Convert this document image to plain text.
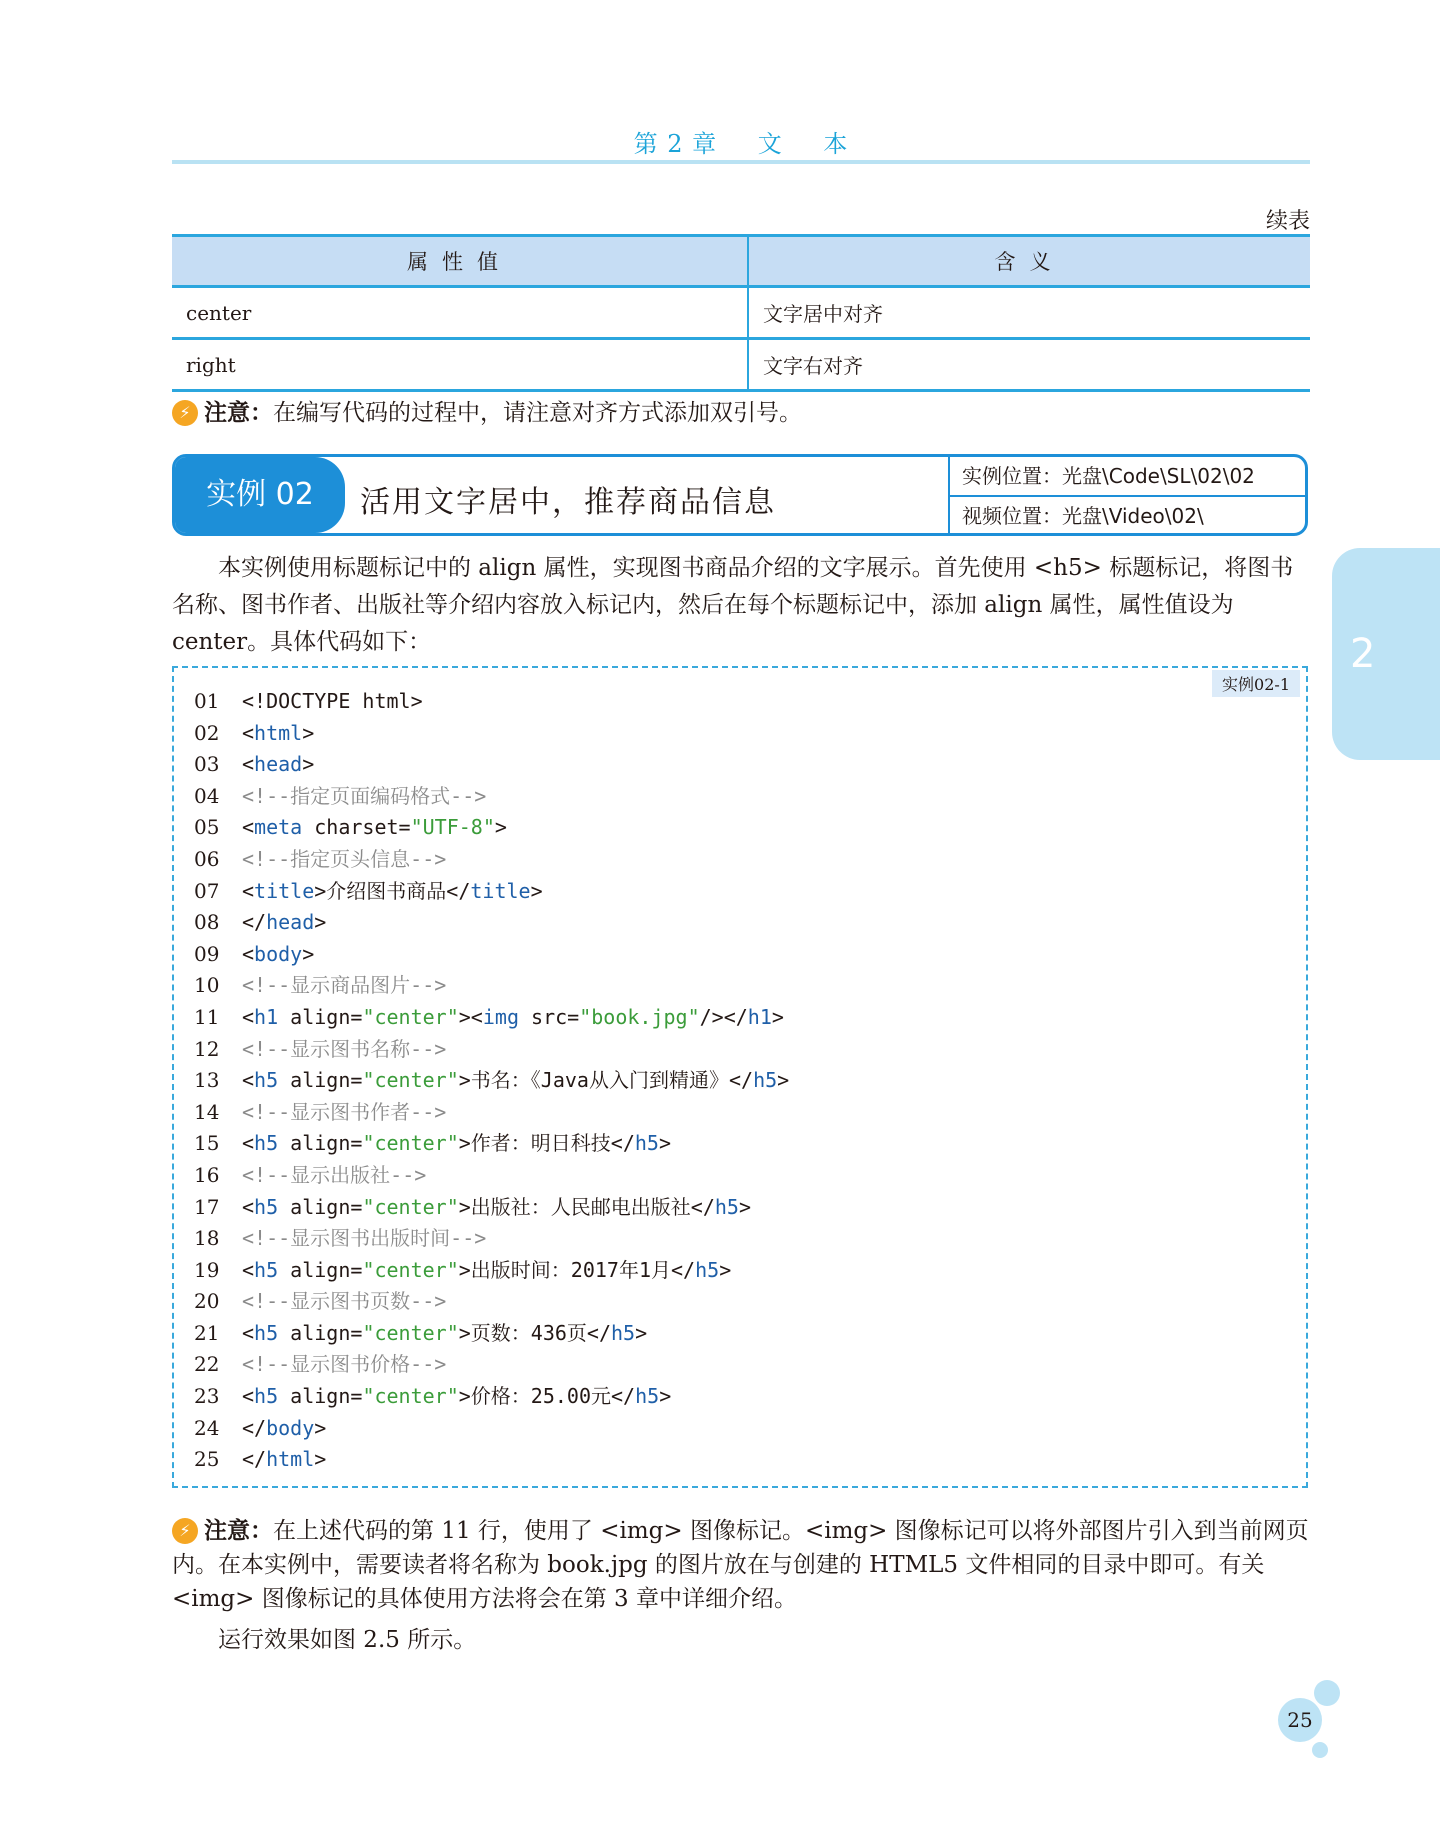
第 2 章 文 本
续表
属性值	含义
center	文字居中对齐
right	文字右对齐
⚡ 注意：在编写代码的过程中，请注意对齐方式添加双引号。
实例 02	活用文字居中，推荐商品信息
实例位置：光盘\Code\SL\02\02
视频位置：光盘\Video\02\
本实例使用标题标记中的 align 属性，实现图书商品介绍的文字展示。首先使用 <h5> 标题标记，将图书名称、图书作者、出版社等介绍内容放入标记内，然后在每个标题标记中，添加 align 属性，属性值设为 center。具体代码如下：
实例02-1
01 <!DOCTYPE html>
02 <html>
03 <head>
04 <!--指定页面编码格式-->
05 <meta charset="UTF-8">
06 <!--指定页头信息-->
07 <title>介绍图书商品</title>
08 </head>
09 <body>
10 <!--显示商品图片-->
11 <h1 align="center"><img src="book.jpg"/></h1>
12 <!--显示图书名称-->
13 <h5 align="center">书名：《Java从入门到精通》</h5>
14 <!--显示图书作者-->
15 <h5 align="center">作者：明日科技</h5>
16 <!--显示出版社-->
17 <h5 align="center">出版社：人民邮电出版社</h5>
18 <!--显示图书出版时间-->
19 <h5 align="center">出版时间：2017年1月</h5>
20 <!--显示图书页数-->
21 <h5 align="center">页数：436页</h5>
22 <!--显示图书价格-->
23 <h5 align="center">价格：25.00元</h5>
24 </body>
25 </html>
⚡ 注意：在上述代码的第 11 行，使用了 <img> 图像标记。<img> 图像标记可以将外部图片引入到当前网页内。在本实例中，需要读者将名称为 book.jpg 的图片放在与创建的 HTML5 文件相同的目录中即可。有关 <img> 图像标记的具体使用方法将会在第 3 章中详细介绍。
运行效果如图 2.5 所示。
2
25
